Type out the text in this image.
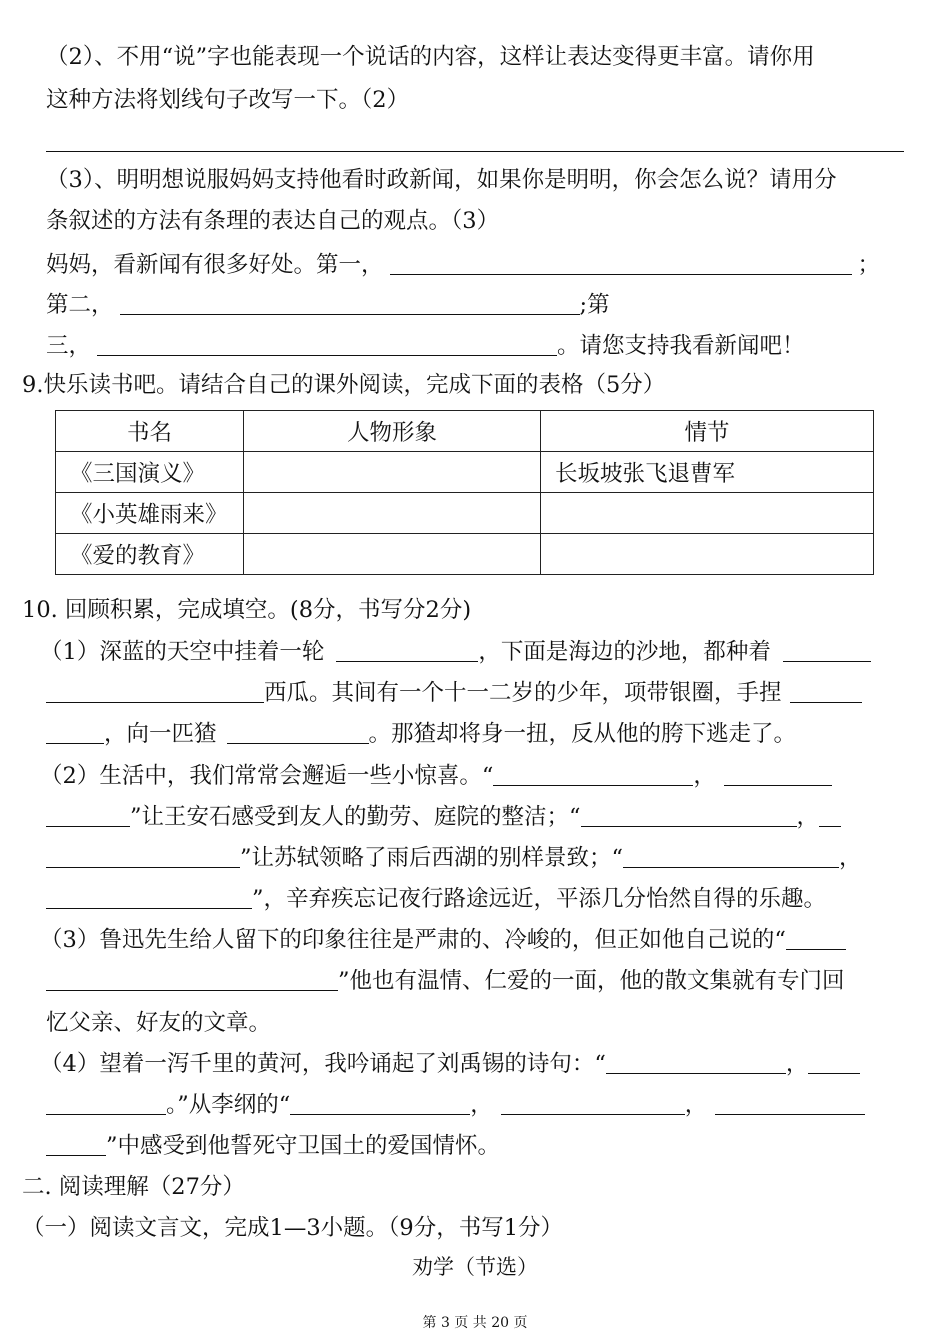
（2）、不用“说”字也能表现一个说话的内容，这样让表达变得更丰富。请你用
这种方法将划线句子改写一下。（2）
（3）、明明想说服妈妈支持他看时政新闻，如果你是明明，你会怎么说？请用分
条叙述的方法有条理的表达自己的观点。（3）
妈妈，看新闻有很多好处。第一，	；
第二，	;第
三，	。请您支持我看新闻吧！
9.快乐读书吧。请结合自己的课外阅读，完成下面的表格（5分）
书名	人物形象	情节
《三国演义》		长坂坡张飞退曹军
《小英雄雨来》		
《爱的教育》		
10. 回顾积累，完成填空。(8分，书写分2分)
（1）深蓝的天空中挂着一轮	，下面是海边的沙地，都种着
西瓜。其间有一个十一二岁的少年，项带银圈，手捏
，向一匹猹	。那猹却将身一扭，反从他的胯下逃走了。
（2）生活中，我们常常会邂逅一些小惊喜。“	，
”让王安石感受到友人的勤劳、庭院的整洁；“	，
”让苏轼领略了雨后西湖的别样景致；“	，
”，辛弃疾忘记夜行路途远近，平添几分怡然自得的乐趣。
（3）鲁迅先生给人留下的印象往往是严肃的、冷峻的，但正如他自己说的“
”他也有温情、仁爱的一面，他的散文集就有专门回
忆父亲、好友的文章。
（4）望着一泻千里的黄河，我吟诵起了刘禹锡的诗句：“	，
。”从李纲的“	，	，
”中感受到他誓死守卫国土的爱国情怀。
二. 阅读理解（27分）
（一）阅读文言文，完成1—3小题。（9分，书写1分）
劝学（节选）
第 3 页 共 20 页
